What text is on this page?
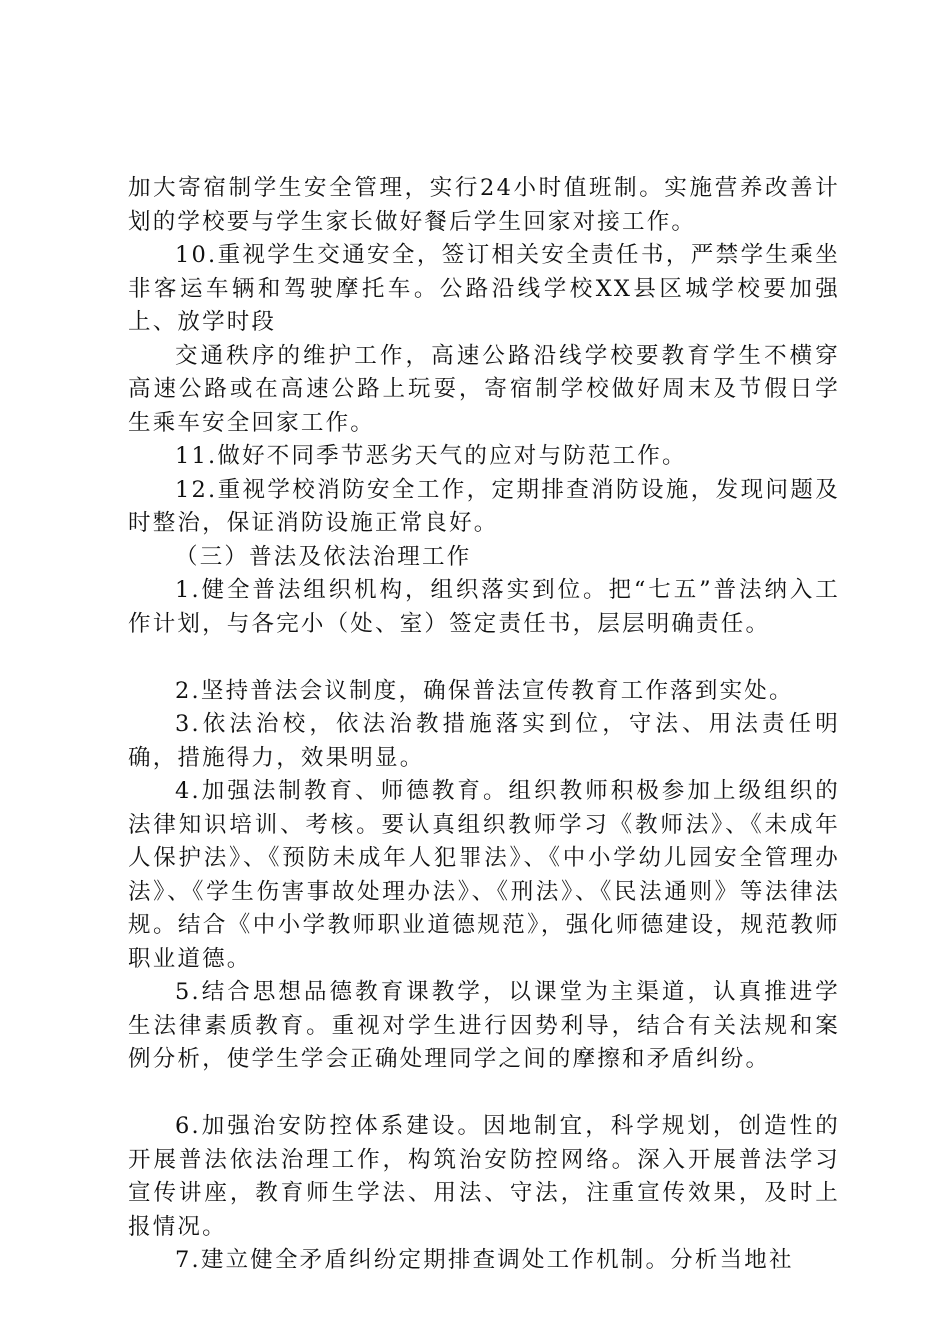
加大寄宿制学生安全管理，实行24小时值班制。实施营养改善计划的学校要与学生家长做好餐后学生回家对接工作。

10.重视学生交通安全，签订相关安全责任书，严禁学生乘坐非客运车辆和驾驶摩托车。公路沿线学校XX县区城学校要加强上、放学时段

交通秩序的维护工作，高速公路沿线学校要教育学生不横穿高速公路或在高速公路上玩耍，寄宿制学校做好周末及节假日学生乘车安全回家工作。

11.做好不同季节恶劣天气的应对与防范工作。

12.重视学校消防安全工作，定期排查消防设施，发现问题及时整治，保证消防设施正常良好。

（三）普法及依法治理工作

1.健全普法组织机构，组织落实到位。把“七五”普法纳入工作计划，与各完小（处、室）签定责任书，层层明确责任。

2.坚持普法会议制度，确保普法宣传教育工作落到实处。

3.依法治校，依法治教措施落实到位，守法、用法责任明确，措施得力，效果明显。

4.加强法制教育、师德教育。组织教师积极参加上级组织的法律知识培训、考核。要认真组织教师学习《教师法》、《未成年人保护法》、《预防未成年人犯罪法》、《中小学幼儿园安全管理办法》、《学生伤害事故处理办法》、《刑法》、《民法通则》等法律法规。结合《中小学教师职业道德规范》，强化师德建设，规范教师职业道德。

5.结合思想品德教育课教学，以课堂为主渠道，认真推进学生法律素质教育。重视对学生进行因势利导，结合有关法规和案例分析，使学生学会正确处理同学之间的摩擦和矛盾纠纷。

6.加强治安防控体系建设。因地制宜，科学规划，创造性的开展普法依法治理工作，构筑治安防控网络。深入开展普法学习宣传讲座，教育师生学法、用法、守法，注重宣传效果，及时上报情况。

7.建立健全矛盾纠纷定期排查调处工作机制。分析当地社
